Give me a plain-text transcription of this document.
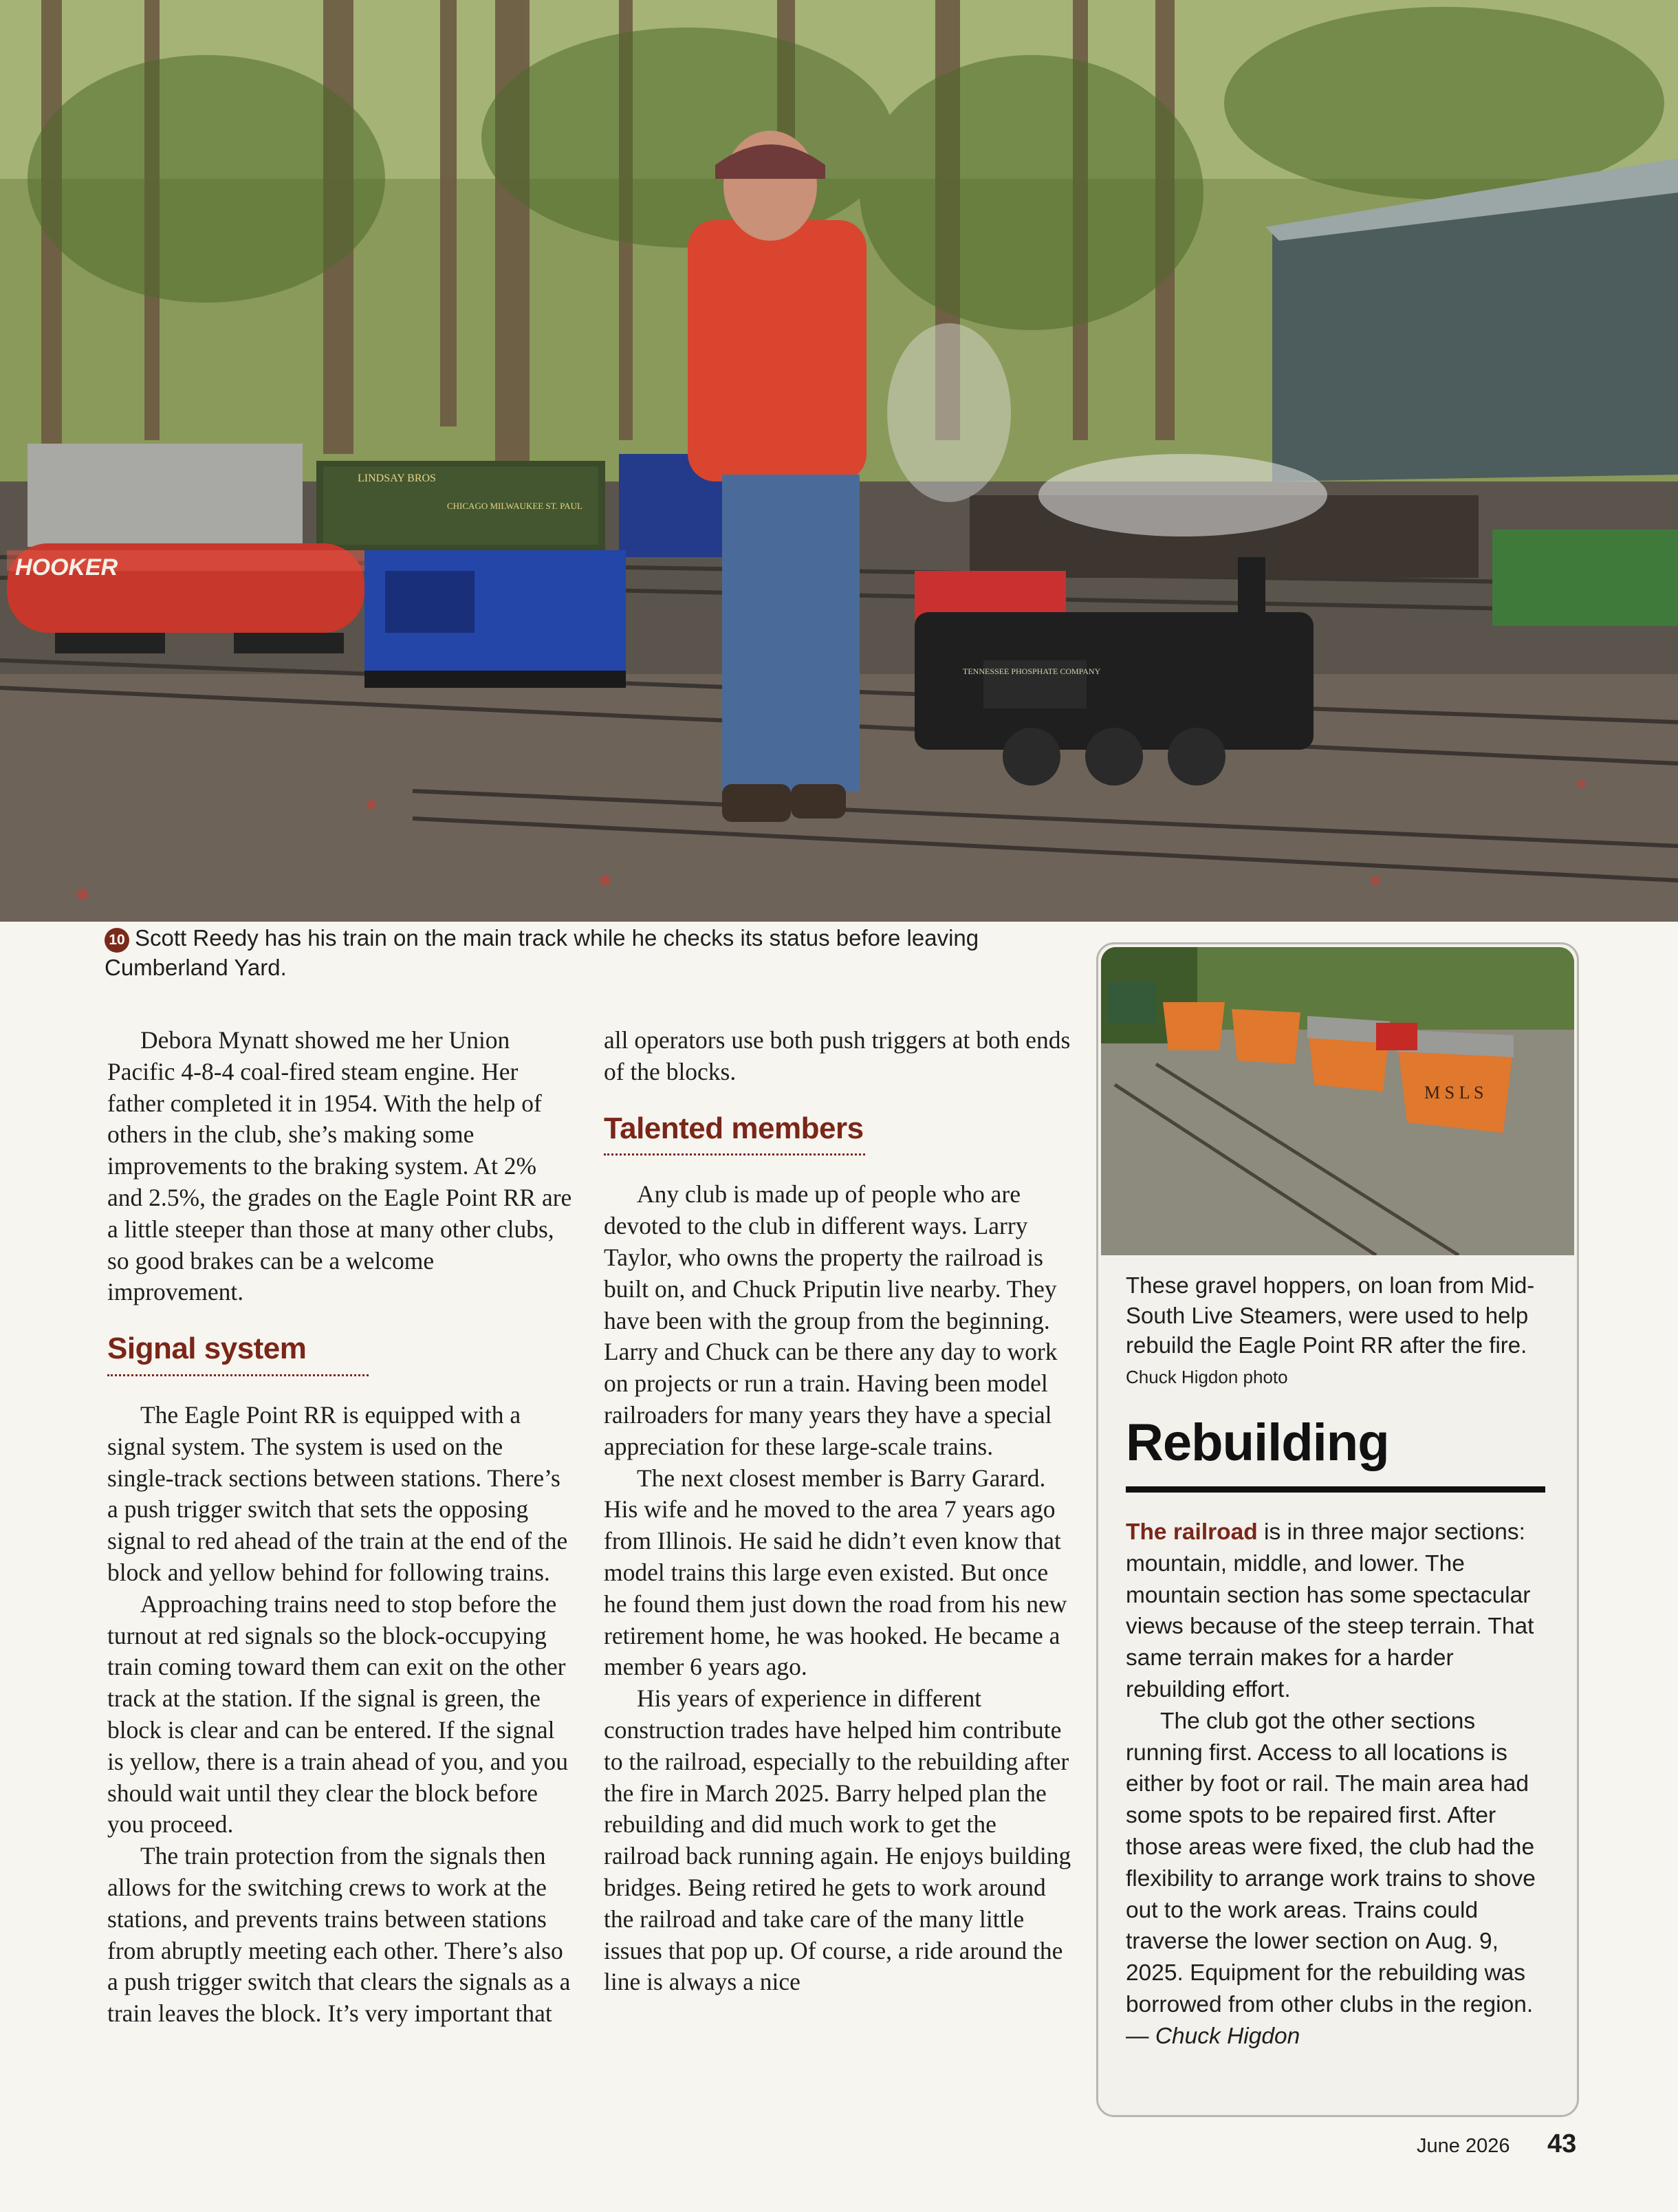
LINDSAY BROS
CHICAGO MILWAUKEE ST. PAUL
HOOKER
TENNESSEE PHOSPHATE COMPANY
10 Scott Reedy has his train on the main track while he checks its status before leaving Cumberland Yard.

Debora Mynatt showed me her Union Pacific 4-8-4 coal-fired steam engine. Her father completed it in 1954. With the help of others in the club, she’s making some improvements to the braking system. At 2% and 2.5%, the grades on the Eagle Point RR are a little steeper than those at many other clubs, so good brakes can be a welcome improvement.

Signal system

The Eagle Point RR is equipped with a signal system. The system is used on the single-track sections between stations. There’s a push trigger switch that sets the opposing signal to red ahead of the train at the end of the block and yellow behind for following trains.

Approaching trains need to stop before the turnout at red signals so the block-occupying train coming toward them can exit on the other track at the station. If the signal is green, the block is clear and can be entered. If the signal is yellow, there is a train ahead of you, and you should wait until they clear the block before you proceed.

The train protection from the signals then allows for the switching crews to work at the stations, and prevents trains between stations from abruptly meeting each other. There’s also a push trigger switch that clears the signals as a train leaves the block. It’s very important that

all operators use both push triggers at both ends of the blocks.

Talented members

Any club is made up of people who are devoted to the club in different ways. Larry Taylor, who owns the property the railroad is built on, and Chuck Priputin live nearby. They have been with the group from the beginning. Larry and Chuck can be there any day to work on projects or run a train. Having been model railroaders for many years they have a special appreciation for these large-scale trains.

The next closest member is Barry Garard. His wife and he moved to the area 7 years ago from Illinois. He said he didn’t even know that model trains this large even existed. But once he found them just down the road from his new retirement home, he was hooked. He became a member 6 years ago.

His years of experience in different construction trades have helped him contribute to the railroad, especially to the rebuilding after the fire in March 2025. Barry helped plan the rebuilding and did much work to get the railroad back running again. He enjoys building bridges. Being retired he gets to work around the railroad and take care of the many little issues that pop up. Of course, a ride around the line is always a nice

M S L S
These gravel hoppers, on loan from Mid-South Live Steamers, were used to help rebuild the Eagle Point RR after the fire. Chuck Higdon photo
Rebuilding

The railroad is in three major sections: mountain, middle, and lower. The mountain section has some spectacular views because of the steep terrain. That same terrain makes for a harder rebuilding effort.

The club got the other sections running first. Access to all locations is either by foot or rail. The main area had some spots to be repaired first. After those areas were fixed, the club had the flexibility to arrange work trains to shove out to the work areas. Trains could traverse the lower section on Aug. 9, 2025. Equipment for the rebuilding was borrowed from other clubs in the region. — Chuck Higdon

June 2026 43
